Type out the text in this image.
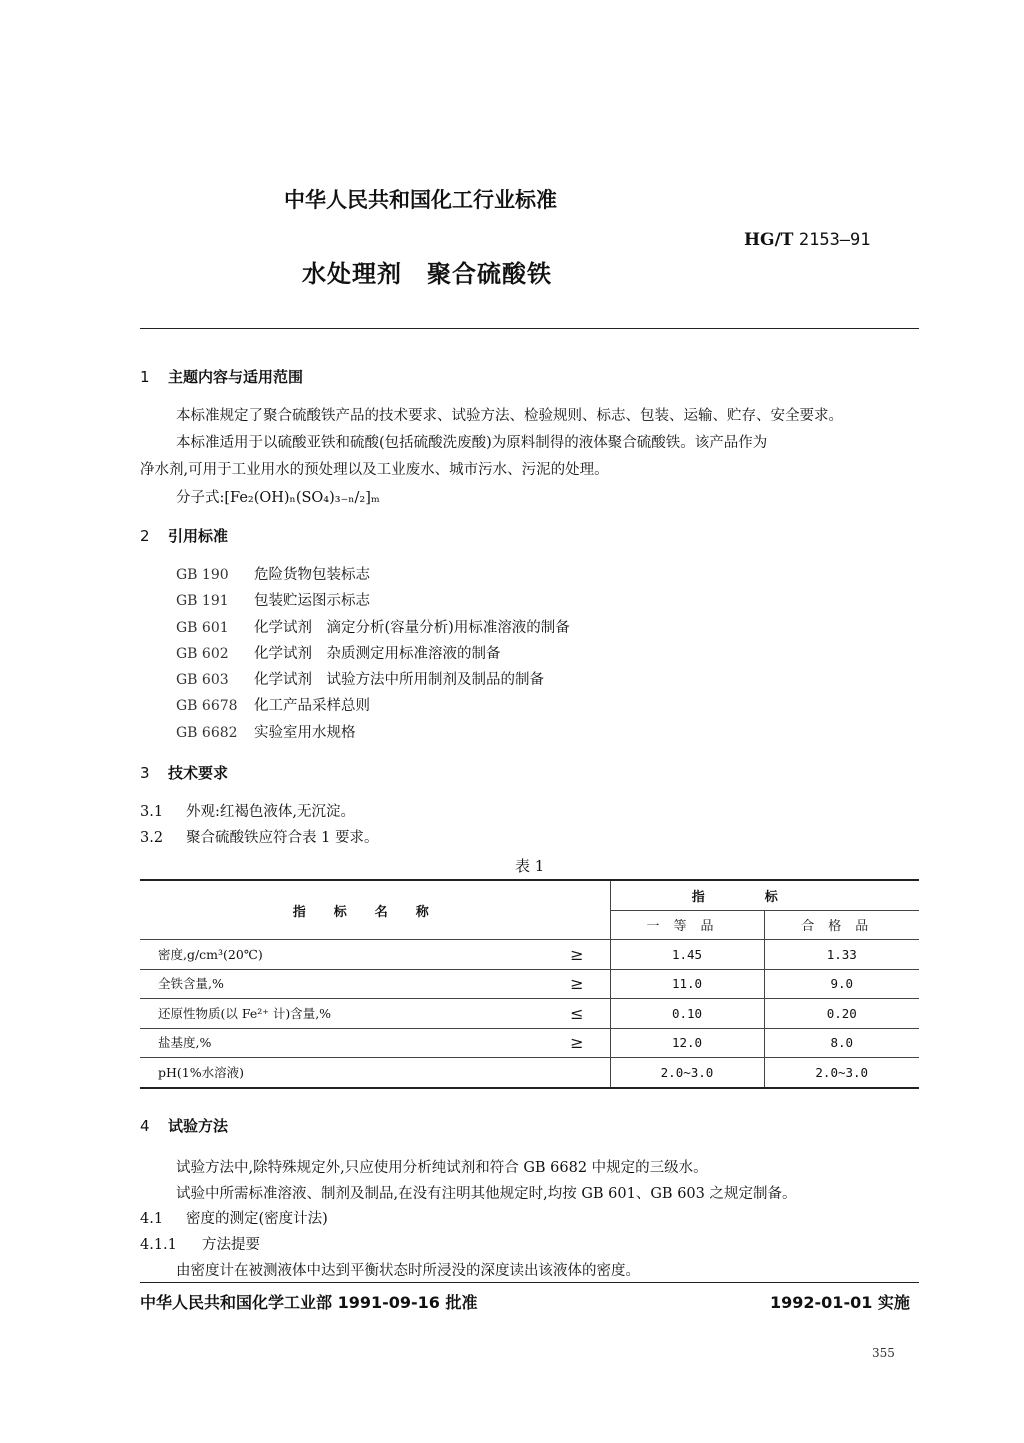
中华人民共和国化工行业标准
HG/T 2153—91
水处理剂　聚合硫酸铁
1 主题内容与适用范围
本标准规定了聚合硫酸铁产品的技术要求、试验方法、检验规则、标志、包装、运输、贮存、安全要求。
本标准适用于以硫酸亚铁和硫酸(包括硫酸洗废酸)为原料制得的液体聚合硫酸铁。该产品作为
净水剂,可用于工业用水的预处理以及工业废水、城市污水、污泥的处理。
分子式:[Fe₂(OH)ₙ(SO₄)₃₋ₙ/₂]ₘ
2 引用标准
GB 190 危险货物包装标志
GB 191 包装贮运图示标志
GB 601 化学试剂　滴定分析(容量分析)用标准溶液的制备
GB 602 化学试剂　杂质测定用标准溶液的制备
GB 603 化学试剂　试验方法中所用制剂及制品的制备
GB 6678 化工产品采样总则
GB 6682 实验室用水规格
3 技术要求
3.1 外观:红褐色液体,无沉淀。
3.2 聚合硫酸铁应符合表 1 要求。
表 1
指标名称	指标	
	一等品	合格品

密度,g/cm³(20℃) ≥	1.45	1.33

全铁含量,% ≥	11.0	9.0

还原性物质(以 Fe²⁺ 计)含量,% ≤	0.10	0.20

盐基度,% ≥	12.0	8.0

pH(1%水溶液)	2.0~3.0	2.0~3.0
4 试验方法
试验方法中,除特殊规定外,只应使用分析纯试剂和符合 GB 6682 中规定的三级水。
试验中所需标准溶液、制剂及制品,在没有注明其他规定时,均按 GB 601、GB 603 之规定制备。
4.1 密度的测定(密度计法)
4.1.1 方法提要
由密度计在被测液体中达到平衡状态时所浸没的深度读出该液体的密度。
中华人民共和国化学工业部 1991-09-16 批准	1992-01-01 实施
355
